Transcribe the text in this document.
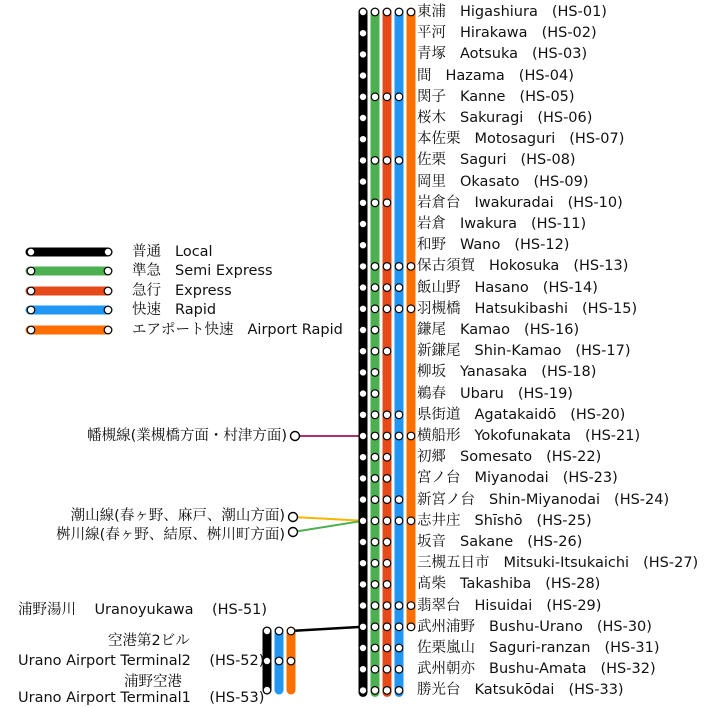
普通 Local
準急 Semi Express
急行 Express
快速 Rapid
エアポート快速 Airport Rapid
東浦 Higashiura (HS-01)
平河 Hirakawa (HS-02)
青塚 Aotsuka (HS-03)
間 Hazama (HS-04)
関子 Kanne (HS-05)
桜木 Sakuragi (HS-06)
本佐栗 Motosaguri (HS-07)
佐栗 Saguri (HS-08)
岡里 Okasato (HS-09)
岩倉台 Iwakuradai (HS-10)
岩倉 Iwakura (HS-11)
和野 Wano (HS-12)
保古須賀 Hokosuka (HS-13)
飯山野 Hasano (HS-14)
羽槻橋 Hatsukibashi (HS-15)
鎌尾 Kamao (HS-16)
新鎌尾 Shin-Kamao (HS-17)
柳坂 Yanasaka (HS-18)
鵜春 Ubaru (HS-19)
県街道 Agatakaidō (HS-20)
横船形 Yokofunakata (HS-21)
初郷 Somesato (HS-22)
宮ノ台 Miyanodai (HS-23)
新宮ノ台 Shin-Miyanodai (HS-24)
志井庄 Shīshō (HS-25)
坂音 Sakane (HS-26)
三槻五日市 Mitsuki-Itsukaichi (HS-27)
髙柴 Takashiba (HS-28)
翡翠台 Hisuidai (HS-29)
武州浦野 Bushu-Urano (HS-30)
佐栗嵐山 Saguri-ranzan (HS-31)
武州朝亦 Bushu-Amata (HS-32)
勝光台 Katsukōdai (HS-33)
幡槻線(業槻橋方面・村津方面)
潮山線(春ヶ野、麻戸、潮山方面)
桝川線(春ヶ野、結原、桝川町方面)
浦野湯川 Uranoyukawa (HS-51)
空港第2ビル
Urano Airport Terminal2 (HS-52)
浦野空港
Urano Airport Terminal1 (HS-53)
